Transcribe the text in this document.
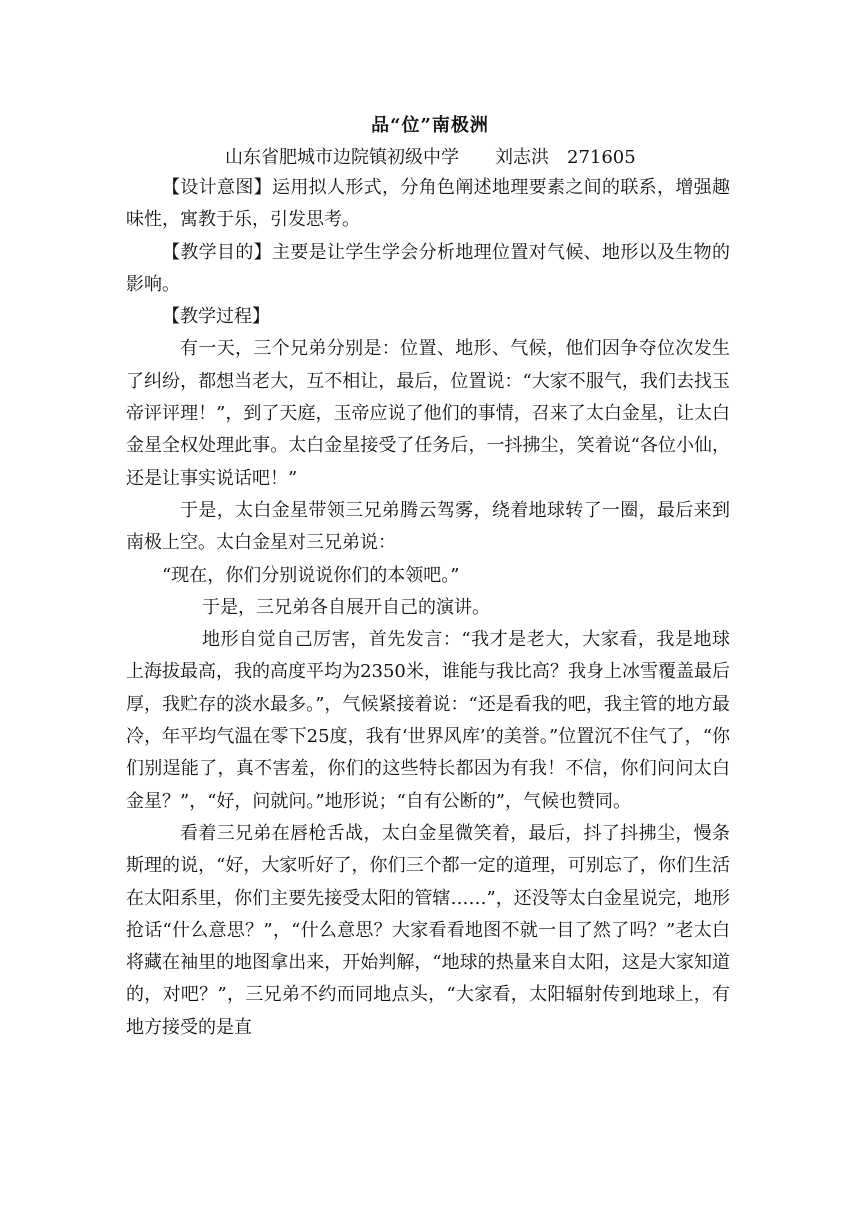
品“位”南极洲
山东省肥城市边院镇初级中学　　刘志洪　271605

【设计意图】运用拟人形式，分角色阐述地理要素之间的联系，增强趣味性，寓教于乐，引发思考。

【教学目的】主要是让学生学会分析地理位置对气候、地形以及生物的影响。

【教学过程】

有一天，三个兄弟分别是：位置、地形、气候，他们因争夺位次发生了纠纷，都想当老大，互不相让，最后，位置说：“大家不服气，我们去找玉帝评评理！”，到了天庭，玉帝应说了他们的事情，召来了太白金星，让太白金星全权处理此事。太白金星接受了任务后，一抖拂尘，笑着说“各位小仙，还是让事实说话吧！”

于是，太白金星带领三兄弟腾云驾雾，绕着地球转了一圈，最后来到南极上空。太白金星对三兄弟说：

“现在，你们分别说说你们的本领吧。”

于是，三兄弟各自展开自己的演讲。

地形自觉自己厉害，首先发言：“我才是老大，大家看，我是地球上海拔最高，我的高度平均为2350米，谁能与我比高？我身上冰雪覆盖最后厚，我贮存的淡水最多。”，气候紧接着说：“还是看我的吧，我主管的地方最冷，年平均气温在零下25度，我有‘世界风库’的美誉。”位置沉不住气了，“你们别逞能了，真不害羞，你们的这些特长都因为有我！不信，你们问问太白金星？”，“好，问就问。”地形说；“自有公断的”，气候也赞同。

看着三兄弟在唇枪舌战，太白金星微笑着，最后，抖了抖拂尘，慢条斯理的说，“好，大家听好了，你们三个都一定的道理，可别忘了，你们生活在太阳系里，你们主要先接受太阳的管辖……”，还没等太白金星说完，地形抢话“什么意思？”，“什么意思？大家看看地图不就一目了然了吗？”老太白将藏在袖里的地图拿出来，开始判解，“地球的热量来自太阳，这是大家知道的，对吧？”，三兄弟不约而同地点头，“大家看，太阳辐射传到地球上，有地方接受的是直
